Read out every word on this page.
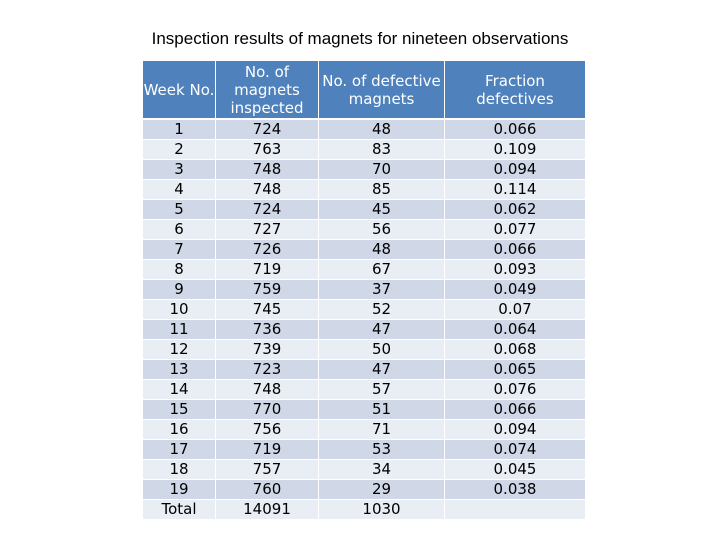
Inspection results of magnets for nineteen observations
Week No.	No. of magnets inspected	No. of defective magnets	Fraction defectives
1	724	48	0.066
2	763	83	0.109
3	748	70	0.094
4	748	85	0.114
5	724	45	0.062
6	727	56	0.077
7	726	48	0.066
8	719	67	0.093
9	759	37	0.049
10	745	52	0.07
11	736	47	0.064
12	739	50	0.068
13	723	47	0.065
14	748	57	0.076
15	770	51	0.066
16	756	71	0.094
17	719	53	0.074
18	757	34	0.045
19	760	29	0.038
Total	14091	1030	
